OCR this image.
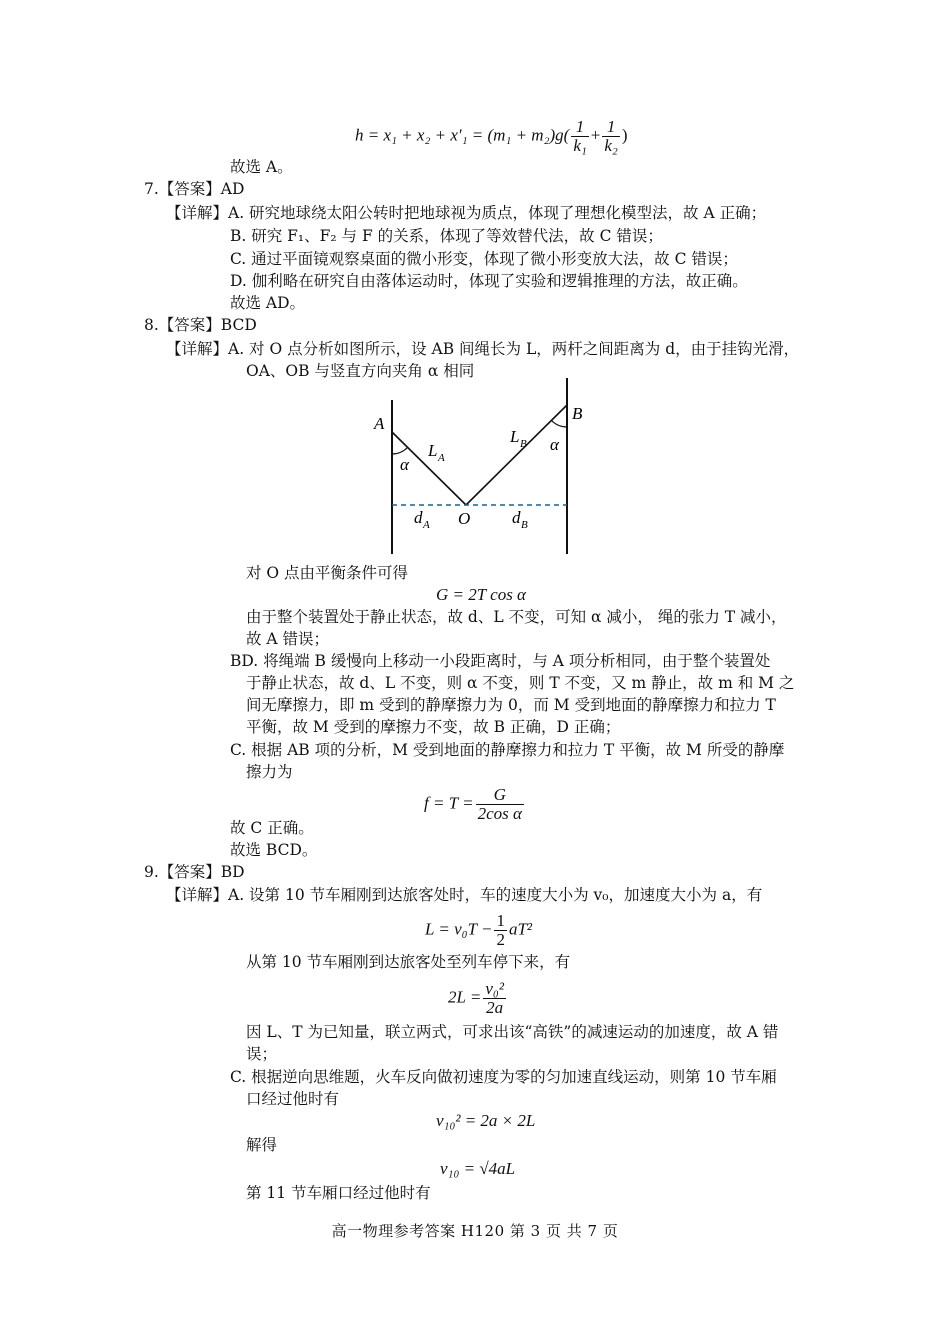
$h = x_1 + x_2 + x'_1 = (m_1 + m_2)g( \frac{1}{\text{k₁}} + \frac{1}{\text{k₂}}$ )
故选 A。
7.【答案】AD
【详解】A. 研究地球绕太阳公转时把地球视为质点，体现了理想化模型法，故 A 正确；
B. 研究 F₁、F₂ 与 F 的关系，体现了等效替代法，故 C 错误；
C. 通过平面镜观察桌面的微小形变，体现了微小形变放大法，故 C 错误；
D. 伽利略在研究自由落体运动时，体现了实验和逻辑推理的方法，故正确。
故选 AD。
8.【答案】BCD
【详解】A. 对 O 点分析如图所示，设 AB 间绳长为 L，两杆之间距离为 d，由于挂钩光滑，
OA、OB 与竖直方向夹角 α 相同
A
B
O
α
α
L A
L B
d A	d B
对 O 点由平衡条件可得
G = 2T cos α
由于整个装置处于静止状态，故 d、L 不变，可知 α 减小， 绳的张力 T 减小，
故 A 错误；
BD. 将绳端 B 缓慢向上移动一小段距离时，与 A 项分析相同，由于整个装置处
于静止状态，故 d、L 不变，则 α 不变，则 T 不变，又 m 静止，故 m 和 M 之
间无摩擦力，即 m 受到的静摩擦力为 0，而 M 受到地面的静摩擦力和拉力 T
平衡，故 M 受到的摩擦力不变，故 B 正确，D 正确；
C. 根据 AB 项的分析，M 受到地面的静摩擦力和拉力 T 平衡，故 M 所受的静摩
擦力为
$f = T = \frac{G}{\text{2cos α}}$
故 C 正确。
故选 BCD。
9.【答案】BD
【详解】A. 设第 10 节车厢刚到达旅客处时，车的速度大小为 v₀，加速度大小为 a，有
$L = v_0T - \frac{1}{2} aT^2$
从第 10 节车厢刚到达旅客处至列车停下来，有
$2L = \frac{\text{v₀²}}{2a}$
因 L、T 为已知量，联立两式，可求出该“高铁”的减速运动的加速度，故 A 错
误；
C. 根据逆向思维题，火车反向做初速度为零的匀加速直线运动，则第 10 节车厢
口经过他时有
v₁₀² = 2a × 2L
解得
v₁₀ = √4aL
第 11 节车厢口经过他时有
高一物理参考答案 H120 第 3 页 共 7 页
